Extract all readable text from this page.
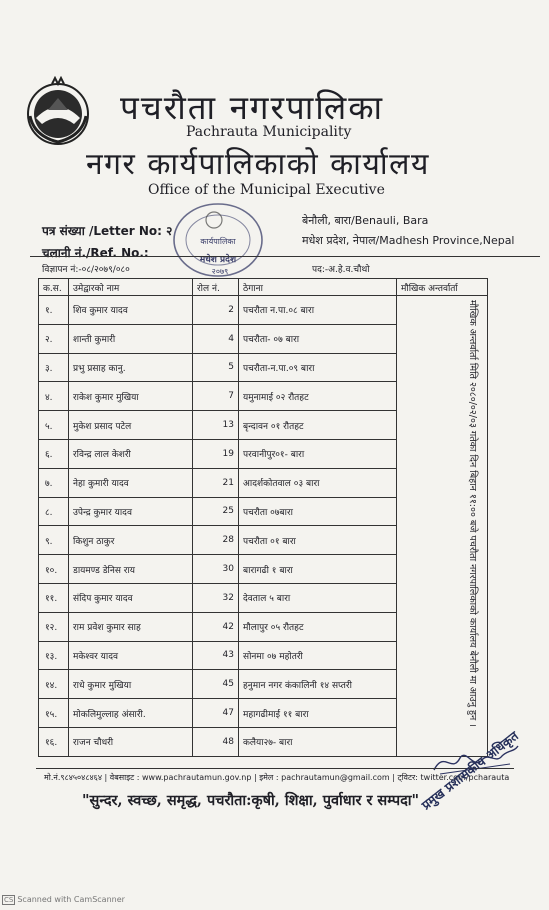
पचरौता नगरपालिका
Pachrauta Municipality
नगर कार्यपालिकाको कार्यालय
Office of the Municipal Executive
पत्र संख्या /Letter No: २
चलानी नं./Ref. No.:
बेनौली, बारा/Benauli, Bara
मधेश प्रदेश, नेपाल/Madhesh Province,Nepal
कार्यपालिका
मधेश प्रदेश
२०७९
विज्ञापन नं:-०८/२०७९/०८०	पद:-अ.हे.व.चौथो
क.स.	उमेद्वारको नाम	रोल नं.	ठेगाना	मौखिक अन्तर्वार्ता
१.	शिव कुमार यादव	2	पचरौता न.पा.०८ बारा	
२.	शान्ती कुमारी	4	पचरौता- ०७ बारा	
३.	प्रभु प्रसाह कानु.	5	पचरौता-न.पा.०९ बारा	
४.	राकेश कुमार मुखिया	7	यमुनामाई ०२ रौतहट	
५.	मुकेश प्रसाद पटेल	13	बृन्दावन ०१ रौतहट	
६.	रविन्द्र लाल केशरी	19	परवानीपुर०१- बारा	
७.	नेहा कुमारी यादव	21	आदर्शकोतवाल ०३ बारा	
८.	उपेन्द्र कुमार यादव	25	पचरौता ०७बारा	
९.	किशुन ठाकुर	28	पचरौता ०१ बारा	
१०.	डायमण्ड डेनिस राय	30	बारागढी १ बारा	
११.	संदिप कुमार यादव	32	देवताल ५ बारा	
१२.	राम प्रवेश कुमार साह	42	मौलापुर ०५ रौतहट	
१३.	मकेश्वर यादव	43	सोनमा ०७ महोतरी	
१४.	राधे कुमार मुखिया	45	हनुमान नगर कंकालिनी १४ सप्तरी	
१५.	मोकलिमुल्लाह अंसारी.	47	महागढीमाई ११ बारा	
१६.	राजन चौधरी	48	कलैया२७- बारा	
मौखिक अन्तर्वार्ता मिति २०८०/०२/०३ गतेका दिन बिहान ११:०० बजे पचरौता नगरपालिकाको कार्यालय बेनौली मा आउनु हुन ।
मो.नं.९८४५०४८४६४ | वेबसाइट : www.pachrautamun.gov.np | इमेल : pachrautamun@gmail.com | ट्विटर: twitter.com/pcharauta
"सुन्दर, स्वच्छ, समृद्ध, पचरौता:कृषी, शिक्षा, पुर्वाधार र सम्पदा" प्रमुख प्रशासकीय अधिकृत
CS Scanned with CamScanner
